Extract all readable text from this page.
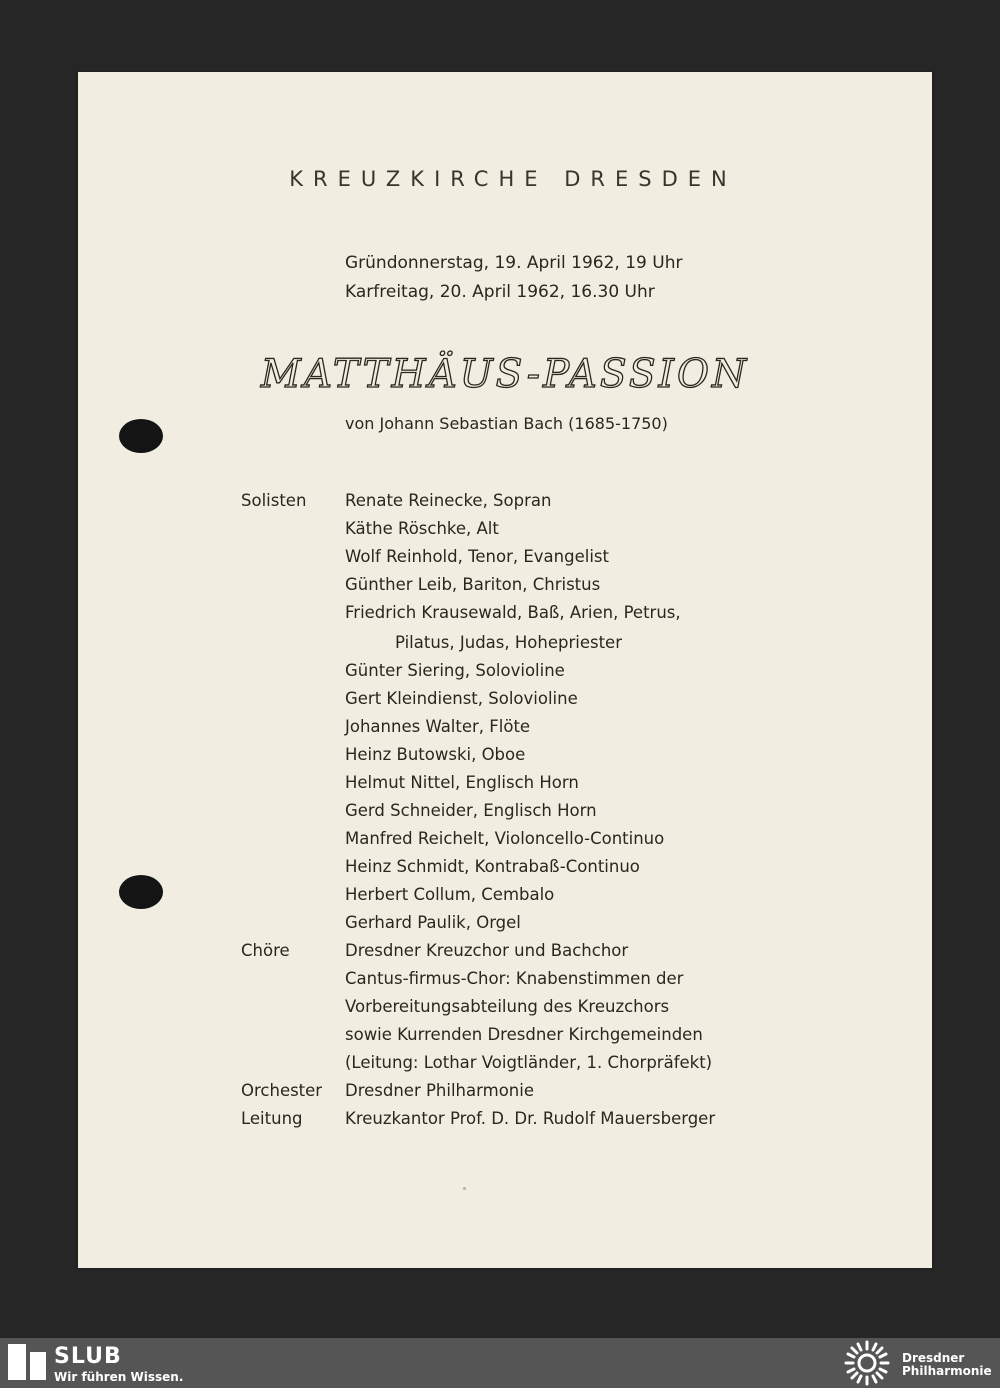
KREUZKIRCHE DRESDEN
Gründonnerstag, 19. April 1962, 19 Uhr
Karfreitag, 20. April 1962, 16.30 Uhr
MATTHÄUS-PASSION
von Johann Sebastian Bach (1685-1750)
Solisten Renate Reinecke, Sopran
Käthe Röschke, Alt
Wolf Reinhold, Tenor, Evangelist
Günther Leib, Bariton, Christus
Friedrich Krausewald, Baß, Arien, Petrus,
Pilatus, Judas, Hohepriester
Günter Siering, Solovioline
Gert Kleindienst, Solovioline
Johannes Walter, Flöte
Heinz Butowski, Oboe
Helmut Nittel, Englisch Horn
Gerd Schneider, Englisch Horn
Manfred Reichelt, Violoncello-Continuo
Heinz Schmidt, Kontrabaß-Continuo
Herbert Collum, Cembalo
Gerhard Paulik, Orgel
Chöre	Dresdner Kreuzchor und Bachchor
Cantus-firmus-Chor: Knabenstimmen der
Vorbereitungsabteilung des Kreuzchors
sowie Kurrenden Dresdner Kirchgemeinden
(Leitung: Lothar Voigtländer, 1. Chorpräfekt)
Orchester Dresdner Philharmonie
Leitung	Kreuzkantor Prof. D. Dr. Rudolf Mauersberger
SLUB
Wir führen Wissen.
Dresdner
Philharmonie
